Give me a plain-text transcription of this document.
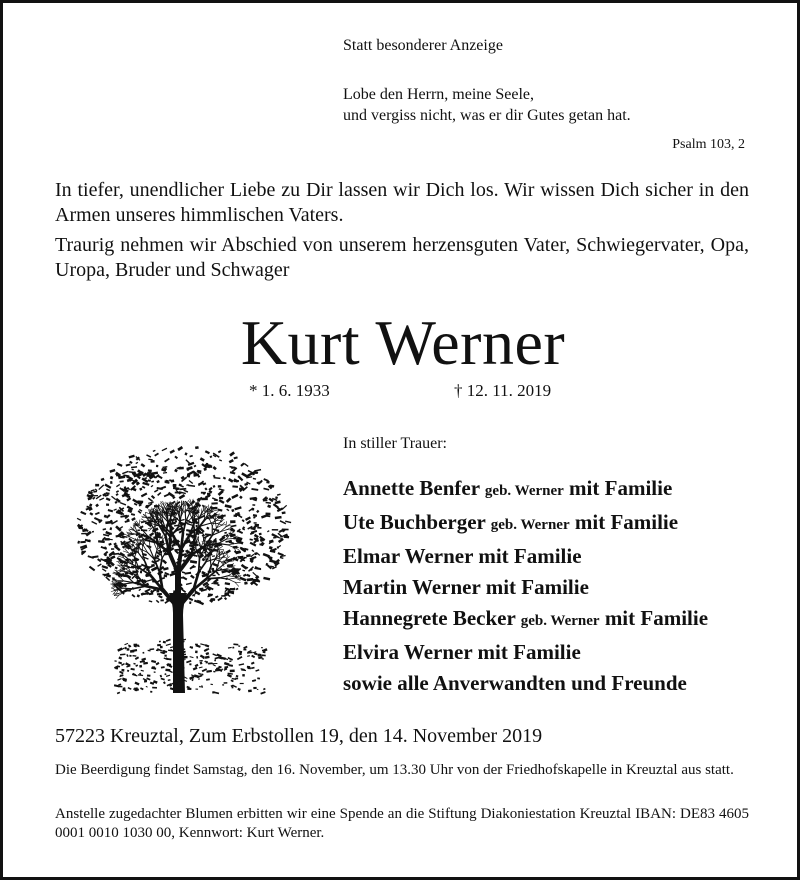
Statt besonderer Anzeige

Lobe den Herrn, meine Seele,
und vergiss nicht, was er dir Gutes getan hat.

Psalm 103, 2

In tiefer, unendlicher Liebe zu Dir lassen wir Dich los. Wir wissen Dich sicher in den Armen unseres himmlischen Vaters.

Traurig nehmen wir Abschied von unserem herzensguten Vater, Schwiegervater, Opa, Uropa, Bruder und Schwager

Kurt Werner

* 1. 6. 1933	† 12. 11. 2019

In stiller Trauer:

Annette Benfer geb. Werner mit Familie
Ute Buchberger geb. Werner mit Familie
Elmar Werner mit Familie
Martin Werner mit Familie
Hannegrete Becker geb. Werner mit Familie
Elvira Werner mit Familie
sowie alle Anverwandten und Freunde

57223 Kreuztal, Zum Erbstollen 19, den 14. November 2019

Die Beerdigung findet Samstag, den 16. November, um 13.30 Uhr von der Friedhofskapelle in Kreuztal aus statt.

Anstelle zugedachter Blumen erbitten wir eine Spende an die Stiftung Diakoniestation Kreuztal IBAN: DE83 4605 0001 0010 1030 00, Kennwort: Kurt Werner.
